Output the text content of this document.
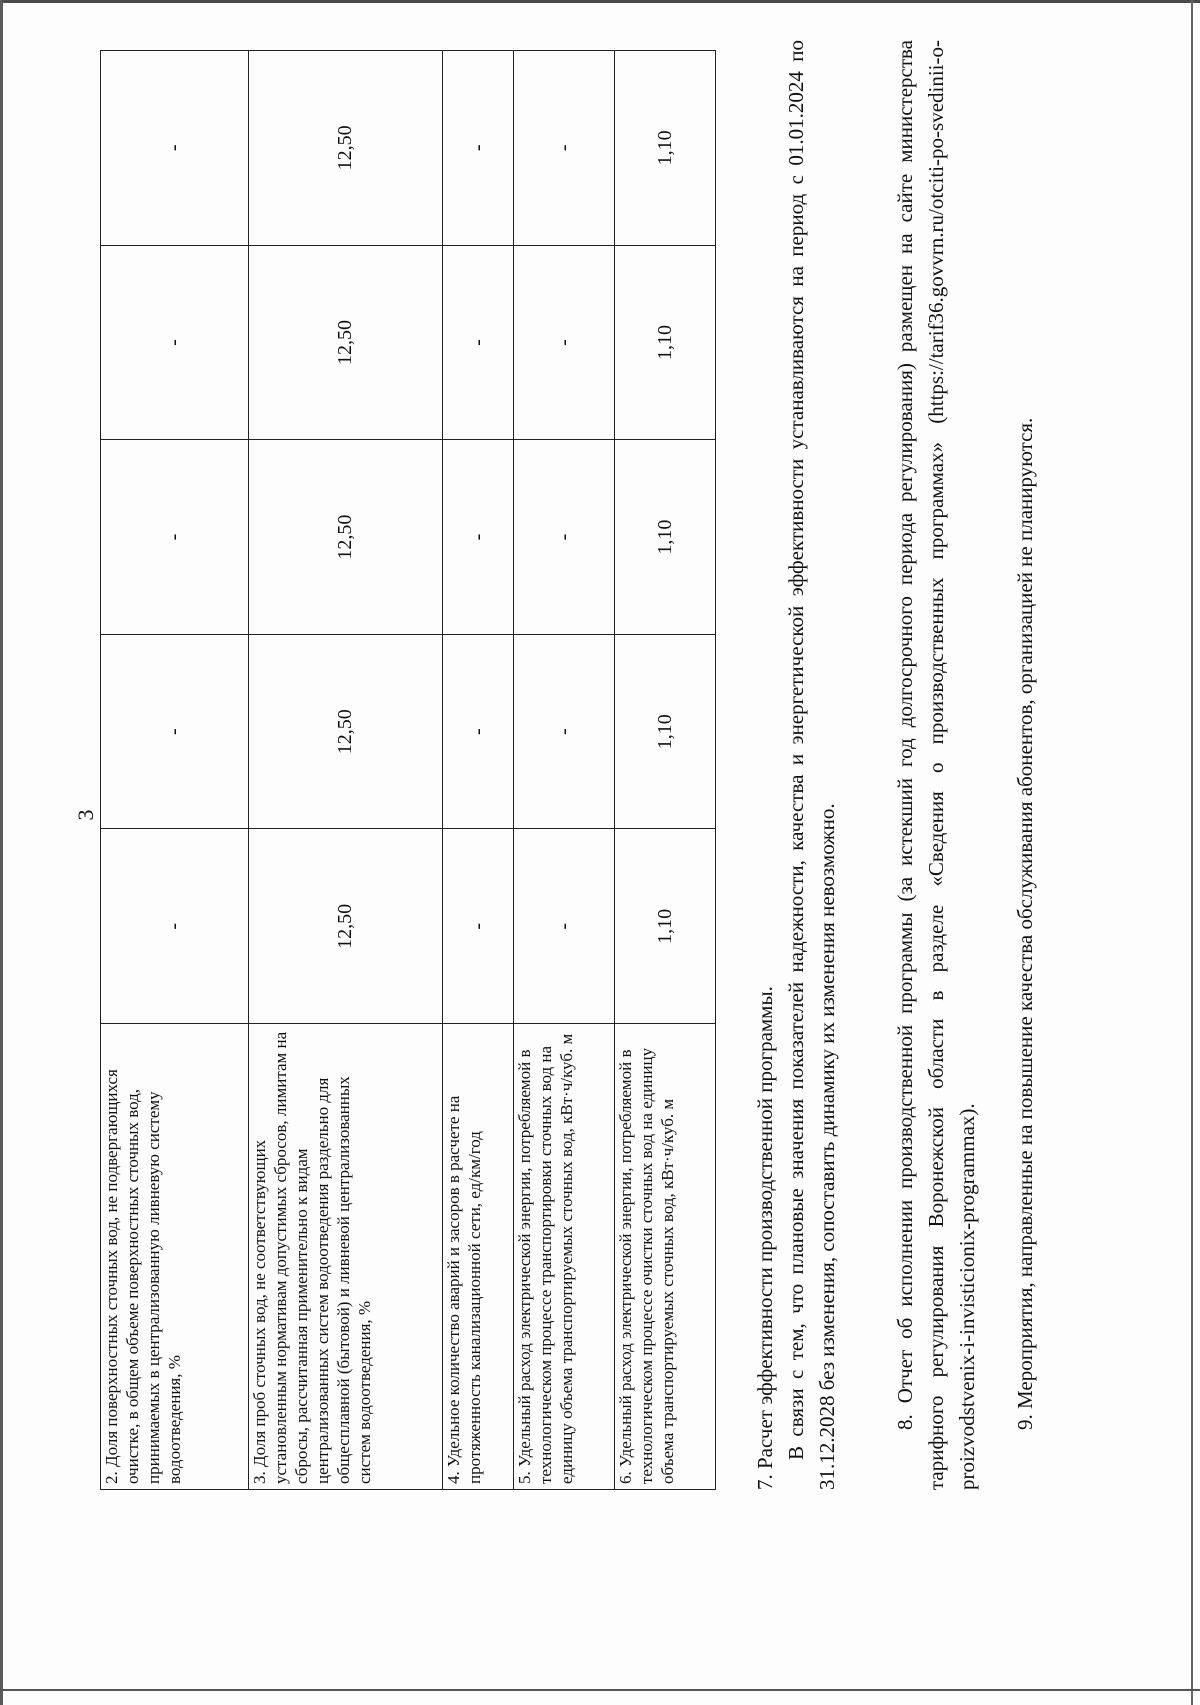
3
2. Доля поверхностных сточных вод, не подвергающихся очистке, в общем объеме поверхностных сточных вод, принимаемых в централизованную ливневую систему водоотведения, %	-	-	-	-	-
3. Доля проб сточных вод, не соответствующих установленным нормативам допустимых сбросов, лимитам на сбросы, рассчитанная применительно к видам централизованных систем водоотведения раздельно для общесплавной (бытовой) и ливневой централизованных систем водоотведения, %	12,50	12,50	12,50	12,50	12,50
4. Удельное количество аварий и засоров в расчете на протяженность канализационной сети, ед/км/год	-	-	-	-	-
5. Удельный расход электрической энергии, потребляемой в технологическом процессе транспортировки сточных вод на единицу объема транспортируемых сточных вод, кВт·ч/куб. м	-	-	-	-	-
6. Удельный расход электрической энергии, потребляемой в технологическом процессе очистки сточных вод на единицу объема транспортируемых сточных вод, кВт·ч/куб. м	1,10	1,10	1,10	1,10	1,10
7. Расчет эффективности производственной программы. В связи с тем, что плановые значения показателей надежности, качества и энергетической эффективности устанавливаются на период с 01.01.2024 по 31.12.2028 без изменения, сопоставить динамику их изменения невозможно.	8. Отчет об исполнении производственной программы (за истекший год долгосрочного периода регулирования) размещен на сайте министерства тарифного регулирования Воронежской области в разделе «Сведения о производственных программах» (https://tarif36.govvrn.ru/otciti-po-svedinii-o-proizvodstvenix-i-invisticionix-programmax). 9. Мероприятия, направленные на повышение качества обслуживания абонентов, организацией не планируются.
